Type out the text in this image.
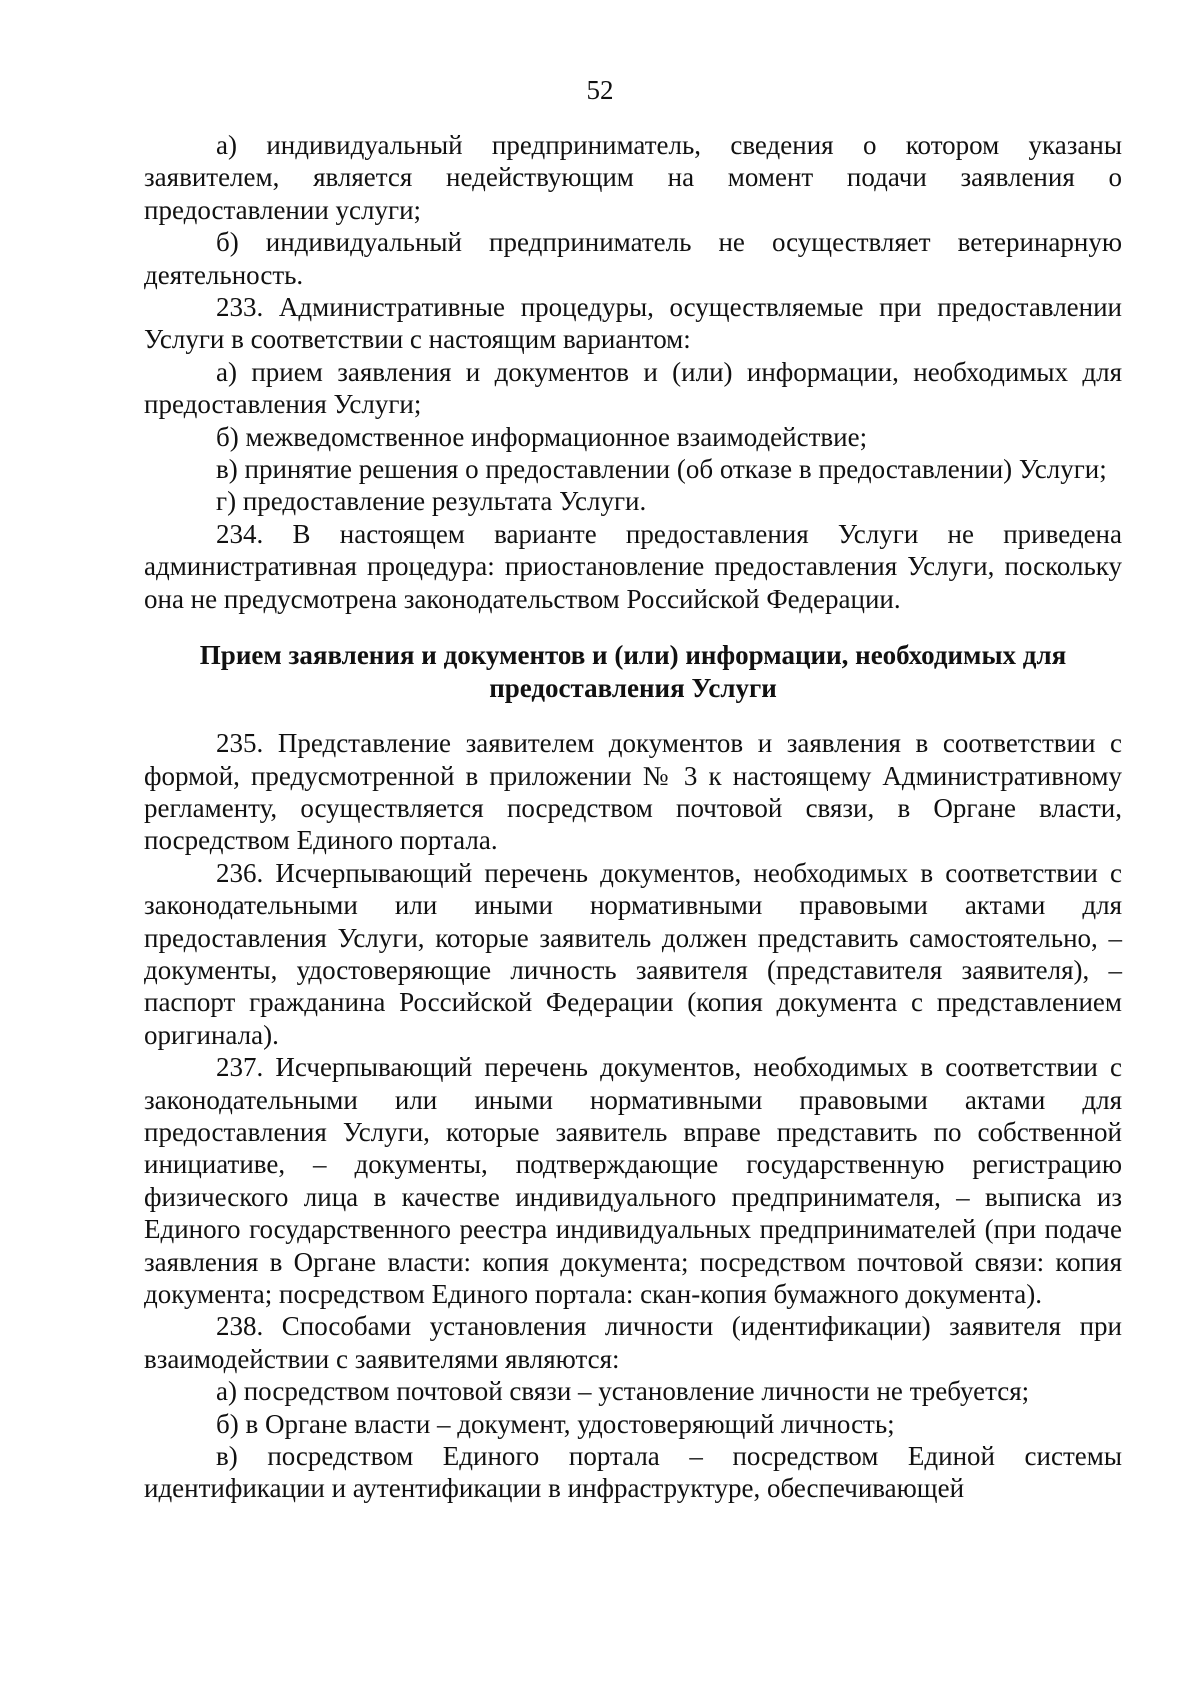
52

а) индивидуальный предприниматель, сведения о котором указаны заявителем, является недействующим на момент подачи заявления о предоставлении услуги;

б) индивидуальный предприниматель не осуществляет ветеринарную деятельность.

233. Административные процедуры, осуществляемые при предоставлении Услуги в соответствии с настоящим вариантом:

а) прием заявления и документов и (или) информации, необходимых для предоставления Услуги;

б) межведомственное информационное взаимодействие;

в) принятие решения о предоставлении (об отказе в предоставлении) Услуги;

г) предоставление результата Услуги.

234. В настоящем варианте предоставления Услуги не приведена административная процедура: приостановление предоставления Услуги, поскольку она не предусмотрена законодательством Российской Федерации.

Прием заявления и документов и (или) информации, необходимых для
предоставления Услуги

235. Представление заявителем документов и заявления в соответствии с формой, предусмотренной в приложении № 3 к настоящему Административному регламенту, осуществляется посредством почтовой связи, в Органе власти, посредством Единого портала.

236. Исчерпывающий перечень документов, необходимых в соответствии с законодательными или иными нормативными правовыми актами для предоставления Услуги, которые заявитель должен представить самостоятельно, – документы, удостоверяющие личность заявителя (представителя заявителя), – паспорт гражданина Российской Федерации (копия документа с представлением оригинала).

237. Исчерпывающий перечень документов, необходимых в соответствии с законодательными или иными нормативными правовыми актами для предоставления Услуги, которые заявитель вправе представить по собственной инициативе, – документы, подтверждающие государственную регистрацию физического лица в качестве индивидуального предпринимателя, – выписка из Единого государственного реестра индивидуальных предпринимателей (при подаче заявления в Органе власти: копия документа; посредством почтовой связи: копия документа; посредством Единого портала: скан-копия бумажного документа).

238. Способами установления личности (идентификации) заявителя при взаимодействии с заявителями являются:

а) посредством почтовой связи – установление личности не требуется;

б) в Органе власти – документ, удостоверяющий личность;

в) посредством Единого портала – посредством Единой системы идентификации и аутентификации в инфраструктуре, обеспечивающей
